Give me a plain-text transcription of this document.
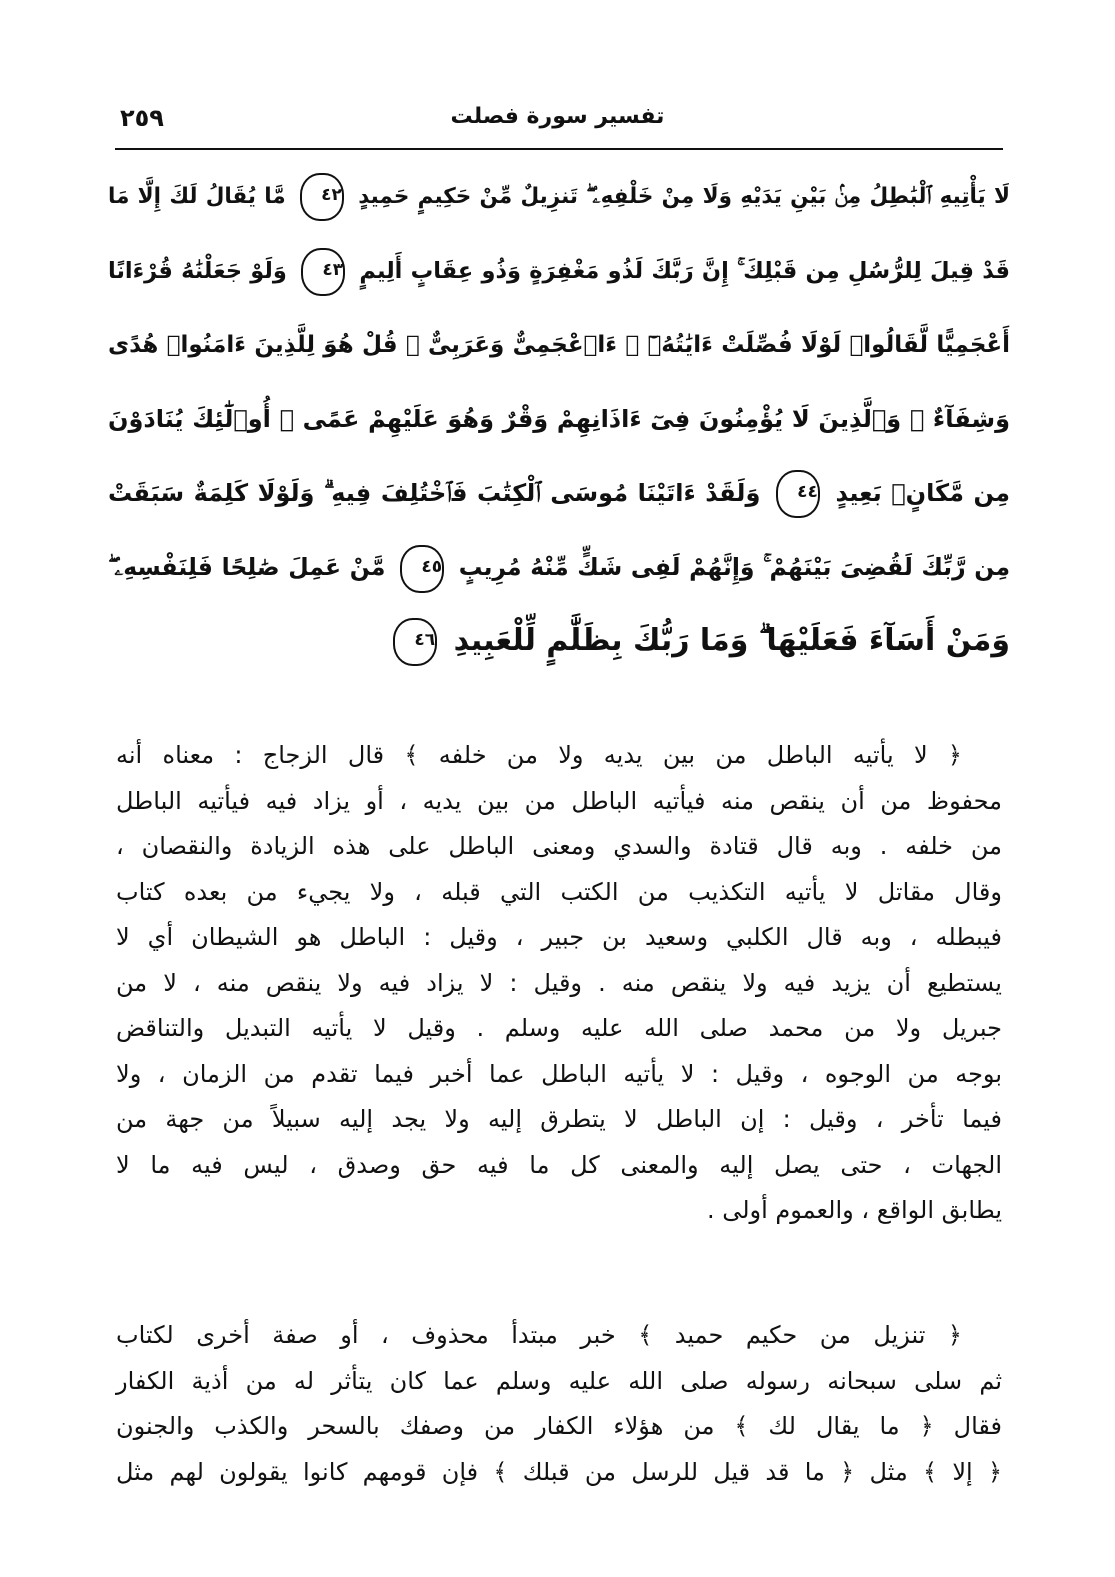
٢٥٩	تفسير سورة فصلت
لَا يَأْتِيهِ ٱلْبَٰطِلُ مِنۢ بَيْنِ يَدَيْهِ وَلَا مِنْ خَلْفِهِۦ ۖ تَنزِيلٌ مِّنْ حَكِيمٍ حَمِيدٍ ٤٢ مَّا يُقَالُ لَكَ إِلَّا مَا
قَدْ قِيلَ لِلرُّسُلِ مِن قَبْلِكَ ۚ إِنَّ رَبَّكَ لَذُو مَغْفِرَةٍ وَذُو عِقَابٍ أَلِيمٍ ٤٣ وَلَوْ جَعَلْنَٰهُ قُرْءَانًا
أَعْجَمِيًّا لَّقَالُوا۟ لَوْلَا فُصِّلَتْ ءَايَٰتُهُۥٓ ۖ ءَا۬عْجَمِىٌّ وَعَرَبِىٌّ ۗ قُلْ هُوَ لِلَّذِينَ ءَامَنُوا۟ هُدًى
وَشِفَآءٌ ۖ وَٱلَّذِينَ لَا يُؤْمِنُونَ فِىٓ ءَاذَانِهِمْ وَقْرٌ وَهُوَ عَلَيْهِمْ عَمًى ۚ أُو۟لَٰٓئِكَ يُنَادَوْنَ
مِن مَّكَانٍۭ بَعِيدٍ ٤٤ وَلَقَدْ ءَاتَيْنَا مُوسَى ٱلْكِتَٰبَ فَٱخْتُلِفَ فِيهِ ۗ وَلَوْلَا كَلِمَةٌ سَبَقَتْ
مِن رَّبِّكَ لَقُضِىَ بَيْنَهُمْ ۚ وَإِنَّهُمْ لَفِى شَكٍّ مِّنْهُ مُرِيبٍ ٤٥ مَّنْ عَمِلَ صَٰلِحًا فَلِنَفْسِهِۦ ۖ
وَمَنْ أَسَآءَ فَعَلَيْهَا ۗ وَمَا رَبُّكَ بِظَلَّٰمٍ لِّلْعَبِيدِ ٤٦
﴿ لا يأتيه الباطل من بين يديه ولا من خلفه ﴾ قال الزجاج : معناه أنه
محفوظ من أن ينقص منه فيأتيه الباطل من بين يديه ، أو يزاد فيه فيأتيه الباطل
من خلفه . وبه قال قتادة والسدي ومعنى الباطل على هذه الزيادة والنقصان ،
وقال مقاتل لا يأتيه التكذيب من الكتب التي قبله ، ولا يجيء من بعده كتاب
فيبطله ، وبه قال الكلبي وسعيد بن جبير ، وقيل : الباطل هو الشيطان أي لا
يستطيع أن يزيد فيه ولا ينقص منه . وقيل : لا يزاد فيه ولا ينقص منه ، لا من
جبريل ولا من محمد صلى الله عليه وسلم . وقيل لا يأتيه التبديل والتناقض
بوجه من الوجوه ، وقيل : لا يأتيه الباطل عما أخبر فيما تقدم من الزمان ، ولا
فيما تأخر ، وقيل : إن الباطل لا يتطرق إليه ولا يجد إليه سبيلاً من جهة من
الجهات ، حتى يصل إليه والمعنى كل ما فيه حق وصدق ، ليس فيه ما لا
يطابق الواقع ، والعموم أولى .
﴿ تنزيل من حكيم حميد ﴾ خبر مبتدأ محذوف ، أو صفة أخرى لكتاب
ثم سلى سبحانه رسوله صلى الله عليه وسلم عما كان يتأثر له من أذية الكفار
فقال ﴿ ما يقال لك ﴾ من هؤلاء الكفار من وصفك بالسحر والكذب والجنون
﴿ إلا ﴾ مثل ﴿ ما قد قيل للرسل من قبلك ﴾ فإن قومهم كانوا يقولون لهم مثل
